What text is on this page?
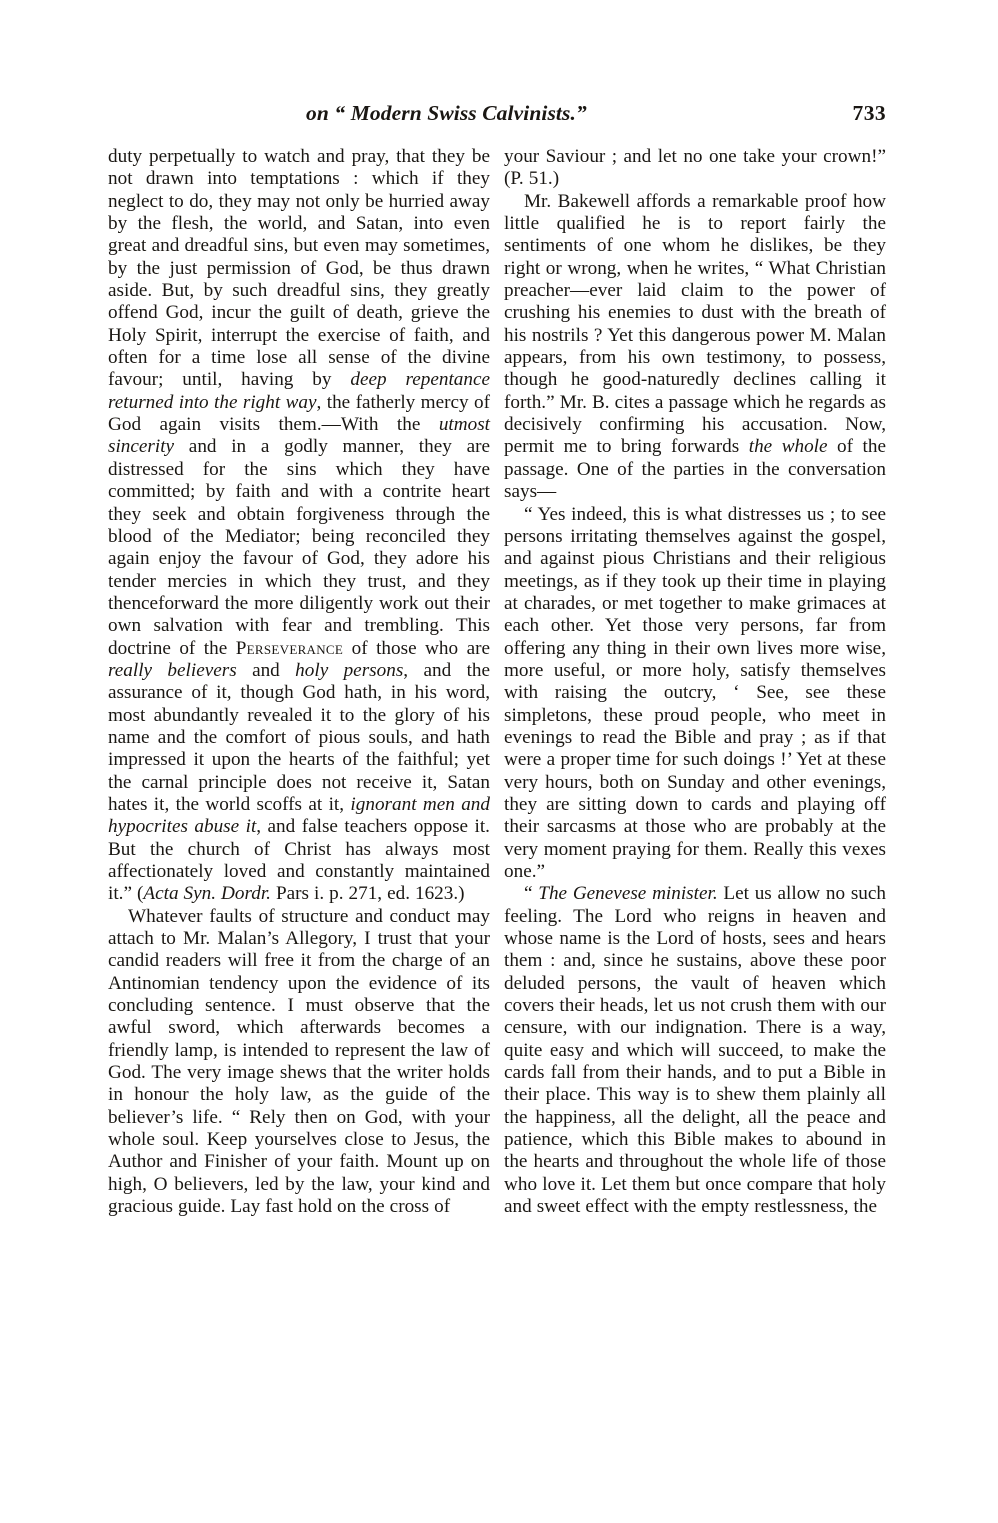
on “ Modern Swiss Calvinists.”	733

duty perpetually to watch and pray, that they be not drawn into temptations : which if they neglect to do, they may not only be hurried away by the flesh, the world, and Satan, into even great and dreadful sins, but even may sometimes, by the just permission of God, be thus drawn aside. But, by such dreadful sins, they greatly offend God, incur the guilt of death, grieve the Holy Spirit, interrupt the exercise of faith, and often for a time lose all sense of the divine favour; until, having by deep repentance returned into the right way, the fatherly mercy of God again visits them.—With the utmost sincerity and in a godly manner, they are distressed for the sins which they have committed; by faith and with a contrite heart they seek and obtain forgiveness through the blood of the Mediator; being reconciled they again enjoy the favour of God, they adore his tender mercies in which they trust, and they thenceforward the more diligently work out their own salvation with fear and trembling. This doctrine of the Perseverance of those who are really believers and holy persons, and the assurance of it, though God hath, in his word, most abundantly revealed it to the glory of his name and the comfort of pious souls, and hath impressed it upon the hearts of the faithful; yet the carnal principle does not receive it, Satan hates it, the world scoffs at it, ignorant men and hypocrites abuse it, and false teachers oppose it. But the church of Christ has always most affectionately loved and constantly maintained it.” (Acta Syn. Dordr. Pars i. p. 271, ed. 1623.)

Whatever faults of structure and conduct may attach to Mr. Malan’s Allegory, I trust that your candid readers will free it from the charge of an Antinomian tendency upon the evidence of its concluding sentence. I must observe that the awful sword, which afterwards becomes a friendly lamp, is intended to represent the law of God. The very image shews that the writer holds in honour the holy law, as the guide of the believer’s life. “ Rely then on God, with your whole soul. Keep yourselves close to Jesus, the Author and Finisher of your faith. Mount up on high, O believers, led by the law, your kind and gracious guide. Lay fast hold on the cross of

your Saviour ; and let no one take your crown!” (P. 51.)

Mr. Bakewell affords a remarkable proof how little qualified he is to report fairly the sentiments of one whom he dislikes, be they right or wrong, when he writes, “ What Christian preacher—ever laid claim to the power of crushing his enemies to dust with the breath of his nostrils ? Yet this dangerous power M. Malan appears, from his own testimony, to possess, though he good-naturedly declines calling it forth.” Mr. B. cites a passage which he regards as decisively confirming his accusation. Now, permit me to bring forwards the whole of the passage. One of the parties in the conversation says—

“ Yes indeed, this is what distresses us ; to see persons irritating themselves against the gospel, and against pious Christians and their religious meetings, as if they took up their time in playing at charades, or met together to make grimaces at each other. Yet those very persons, far from offering any thing in their own lives more wise, more useful, or more holy, satisfy themselves with raising the outcry, ‘ See, see these simpletons, these proud people, who meet in evenings to read the Bible and pray ; as if that were a proper time for such doings !’ Yet at these very hours, both on Sunday and other evenings, they are sitting down to cards and playing off their sarcasms at those who are probably at the very moment praying for them. Really this vexes one.”

“ The Genevese minister. Let us allow no such feeling. The Lord who reigns in heaven and whose name is the Lord of hosts, sees and hears them : and, since he sustains, above these poor deluded persons, the vault of heaven which covers their heads, let us not crush them with our censure, with our indignation. There is a way, quite easy and which will succeed, to make the cards fall from their hands, and to put a Bible in their place. This way is to shew them plainly all the happiness, all the delight, all the peace and patience, which this Bible makes to abound in the hearts and throughout the whole life of those who love it. Let them but once compare that holy and sweet effect with the empty restlessness, the
